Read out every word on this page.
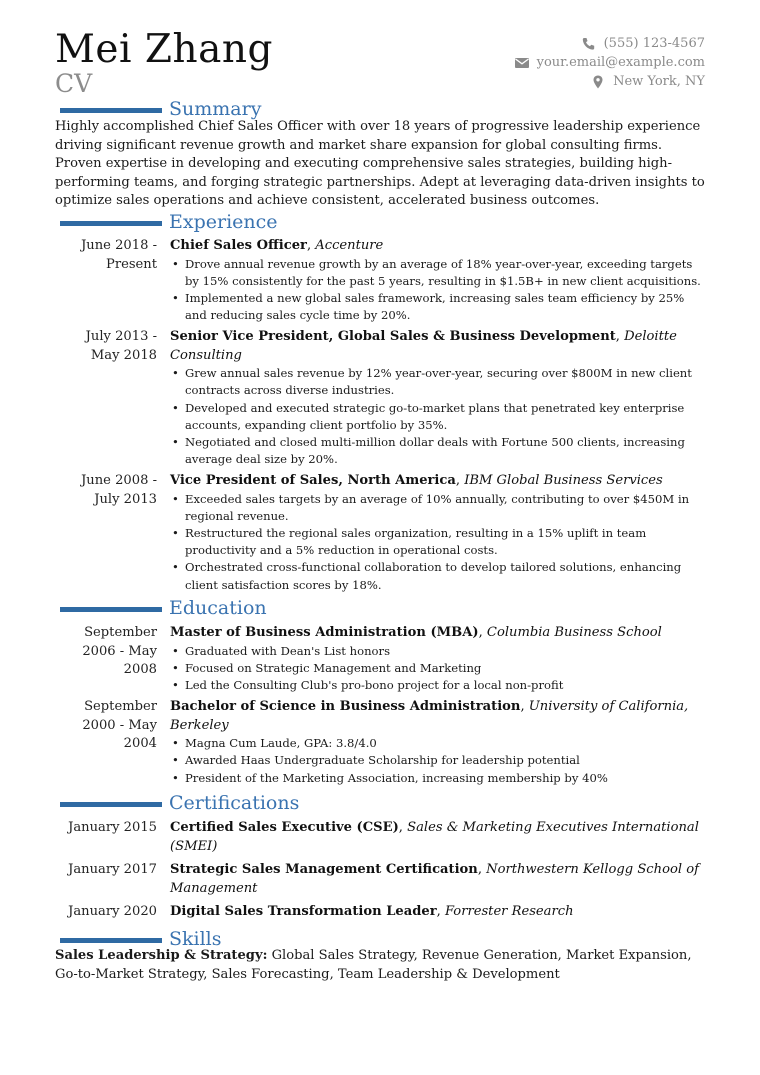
Mei Zhang
CV
(555) 123-4567
your.email@example.com
New York, NY
Summary
Highly accomplished Chief Sales Officer with over 18 years of progressive leadership experience driving significant revenue growth and market share expansion for global consulting firms. Proven expertise in developing and executing comprehensive sales strategies, building high-performing teams, and forging strategic partnerships. Adept at leveraging data-driven insights to optimize sales operations and achieve consistent, accelerated business outcomes.
Experience
June 2018 - Present
Chief Sales Officer, Accenture
• Drove annual revenue growth by an average of 18% year-over-year, exceeding targets by 15% consistently for the past 5 years, resulting in $1.5B+ in new client acquisitions.
• Implemented a new global sales framework, increasing sales team efficiency by 25% and reducing sales cycle time by 20%.
July 2013 - May 2018
Senior Vice President, Global Sales & Business Development, Deloitte Consulting
• Grew annual sales revenue by 12% year-over-year, securing over $800M in new client contracts across diverse industries.
• Developed and executed strategic go-to-market plans that penetrated key enterprise accounts, expanding client portfolio by 35%.
• Negotiated and closed multi-million dollar deals with Fortune 500 clients, increasing average deal size by 20%.
June 2008 - July 2013
Vice President of Sales, North America, IBM Global Business Services
• Exceeded sales targets by an average of 10% annually, contributing to over $450M in regional revenue.
• Restructured the regional sales organization, resulting in a 15% uplift in team productivity and a 5% reduction in operational costs.
• Orchestrated cross-functional collaboration to develop tailored solutions, enhancing client satisfaction scores by 18%.
Education
September 2006 - May 2008
Master of Business Administration (MBA), Columbia Business School
• Graduated with Dean's List honors
• Focused on Strategic Management and Marketing
• Led the Consulting Club's pro-bono project for a local non-profit
September 2000 - May 2004
Bachelor of Science in Business Administration, University of California, Berkeley
• Magna Cum Laude, GPA: 3.8/4.0
• Awarded Haas Undergraduate Scholarship for leadership potential
• President of the Marketing Association, increasing membership by 40%
Certifications
January 2015 Certified Sales Executive (CSE), Sales & Marketing Executives International (SMEI)
January 2017 Strategic Sales Management Certification, Northwestern Kellogg School of Management
January 2020 Digital Sales Transformation Leader, Forrester Research
Skills
Sales Leadership & Strategy: Global Sales Strategy, Revenue Generation, Market Expansion, Go-to-Market Strategy, Sales Forecasting, Team Leadership & Development
